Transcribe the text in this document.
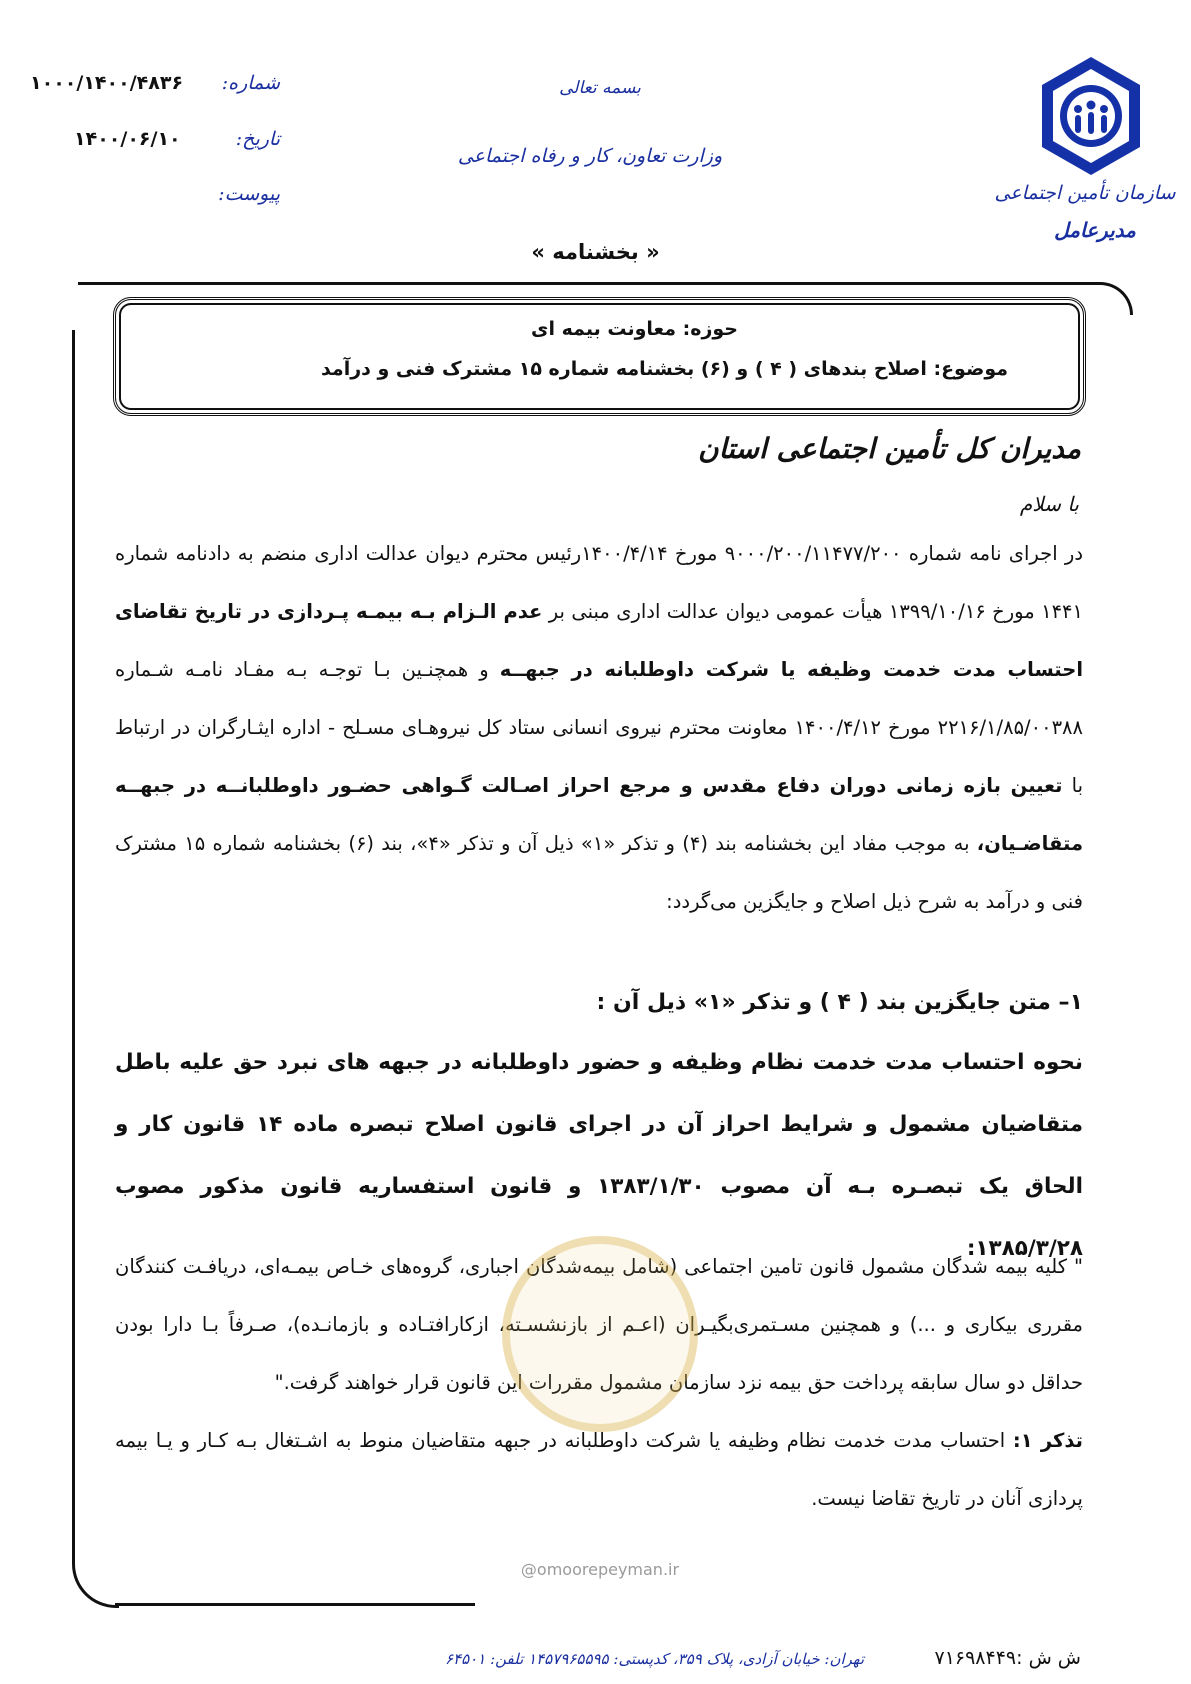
شماره:
۱۰۰۰/۱۴۰۰/۴۸۳۶
تاریخ:
۱۴۰۰/۰۶/۱۰
پیوست:
بسمه تعالی
وزارت تعاون، کار و رفاه اجتماعی
سازمان تأمین اجتماعی
مدیرعامل
« بخشنامه »
حوزه: معاونت بیمه ای
موضوع: اصلاح بندهای ( ۴ ) و (۶) بخشنامه شماره ۱۵ مشترک فنی و درآمد
مدیران کل تأمین اجتماعی استان
با سلام
در اجرای نامه شماره ۹۰۰۰/۲۰۰/۱۱۴۷۷/۲۰۰ مورخ ۱۴۰۰/۴/۱۴رئیس محترم دیوان عدالت اداری منضم به دادنامه شماره ۱۴۴۱ مورخ ۱۳۹۹/۱۰/۱۶ هیأت عمومی دیوان عدالت اداری مبنی بر عدم الـزام بـه بیمـه پـردازی در تاریخ تقاضای احتساب مدت خدمت وظیفه یا شرکت داوطلبانه در جبهــه و همچنـین بـا توجـه بـه مفـاد نامـه شـماره ۲۲۱۶/۱/۸۵/۰۰۳۸۸ مورخ ۱۴۰۰/۴/۱۲ معاونت محترم نیروی انسانی ستاد کل نیروهـای مسـلح - اداره ایثـارگران در ارتباط با تعیین بازه زمانی دوران دفاع مقدس و مرجع احراز اصـالت گـواهی حضـور داوطلبانــه در جبهــه متقاضـیان، به موجب مفاد این بخشنامه بند (۴) و تذکر «۱» ذیل آن و تذکر «۴»، بند (۶) بخشنامه شماره ۱۵ مشترک فنی و درآمد به شرح ذیل اصلاح و جایگزین می‌گردد:
۱– متن جایگزین بند ( ۴ ) و تذکر «۱» ذیل آن :
نحوه احتساب مدت خدمت نظام وظیفه و حضور داوطلبانه در جبهه های نبرد حق علیه باطل متقاضیان مشمول و شرایط احراز آن در اجرای قانون اصلاح تبصره ماده ۱۴ قانون کار و الحاق یک تبصـره بـه آن مصوب ۱۳۸۳/۱/۳۰ و قانون استفساریه قانون مذکور مصوب ۱۳۸۵/۳/۲۸:
" کلیه بیمه شدگان مشمول قانون تامین اجتماعی (شامل بیمه‌شدگان اجباری، گروه‌های خـاص بیمـه‌ای، دریافـت کنندگان مقرری بیکاری و ...) و همچنین مسـتمری‌بگیـران (اعـم از بازنشسـته، ازکارافتـاده و بازمانـده)، صـرفاً بـا دارا بودن حداقل دو سال سابقه پرداخت حق بیمه نزد سازمان مشمول مقررات این قانون قرار خواهند گرفت."
تذکر ۱: احتساب مدت خدمت نظام وظیفه یا شرکت داوطلبانه در جبهه متقاضیان منوط به اشـتغال بـه کـار و یـا بیمه پردازی آنان در تاریخ تقاضا نیست.
@omoorepeyman.ir
تهران: خیابان آزادی، پلاک ۳۵۹، کدپستی: ۱۴۵۷۹۶۵۵۹۵ تلفن: ۶۴۵۰۱	ش ش :۷۱۶۹۸۴۴۹
